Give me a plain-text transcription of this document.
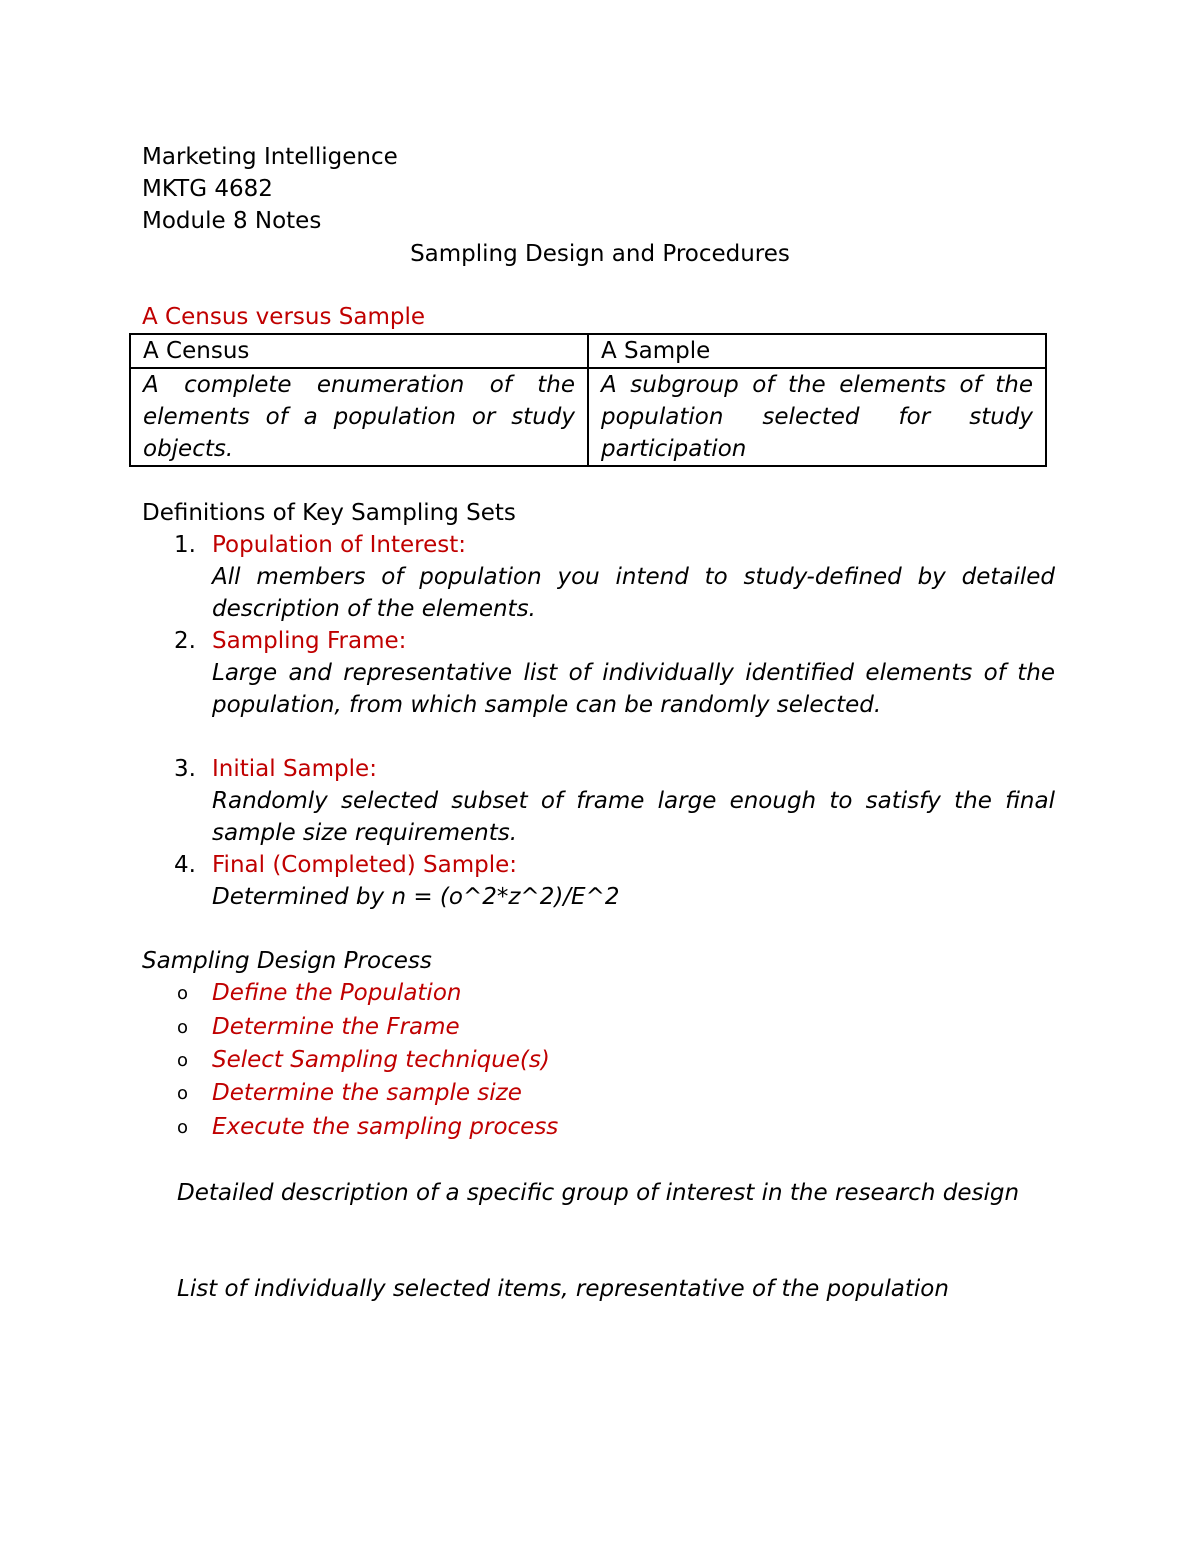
Marketing Intelligence
MKTG 4682
Module 8 Notes
Sampling Design and Procedures
A Census versus Sample
A Census	A Sample
A complete enumeration of the elements of a population or study objects.	A subgroup of the elements of the population selected for study participation
Definitions of Key Sampling Sets
1. Population of Interest:
All members of population you intend to study-defined by detailed description of the elements.
2. Sampling Frame:
Large and representative list of individually identified elements of the population, from which sample can be randomly selected.
3. Initial Sample:
Randomly selected subset of frame large enough to satisfy the final sample size requirements.
4. Final (Completed) Sample:
Determined by n = (o^2*z^2)/E^2
Sampling Design Process
o Define the Population
o Determine the Frame
o Select Sampling technique(s)
o Determine the sample size
o Execute the sampling process
Detailed description of a specific group of interest in the research design
List of individually selected items, representative of the population
